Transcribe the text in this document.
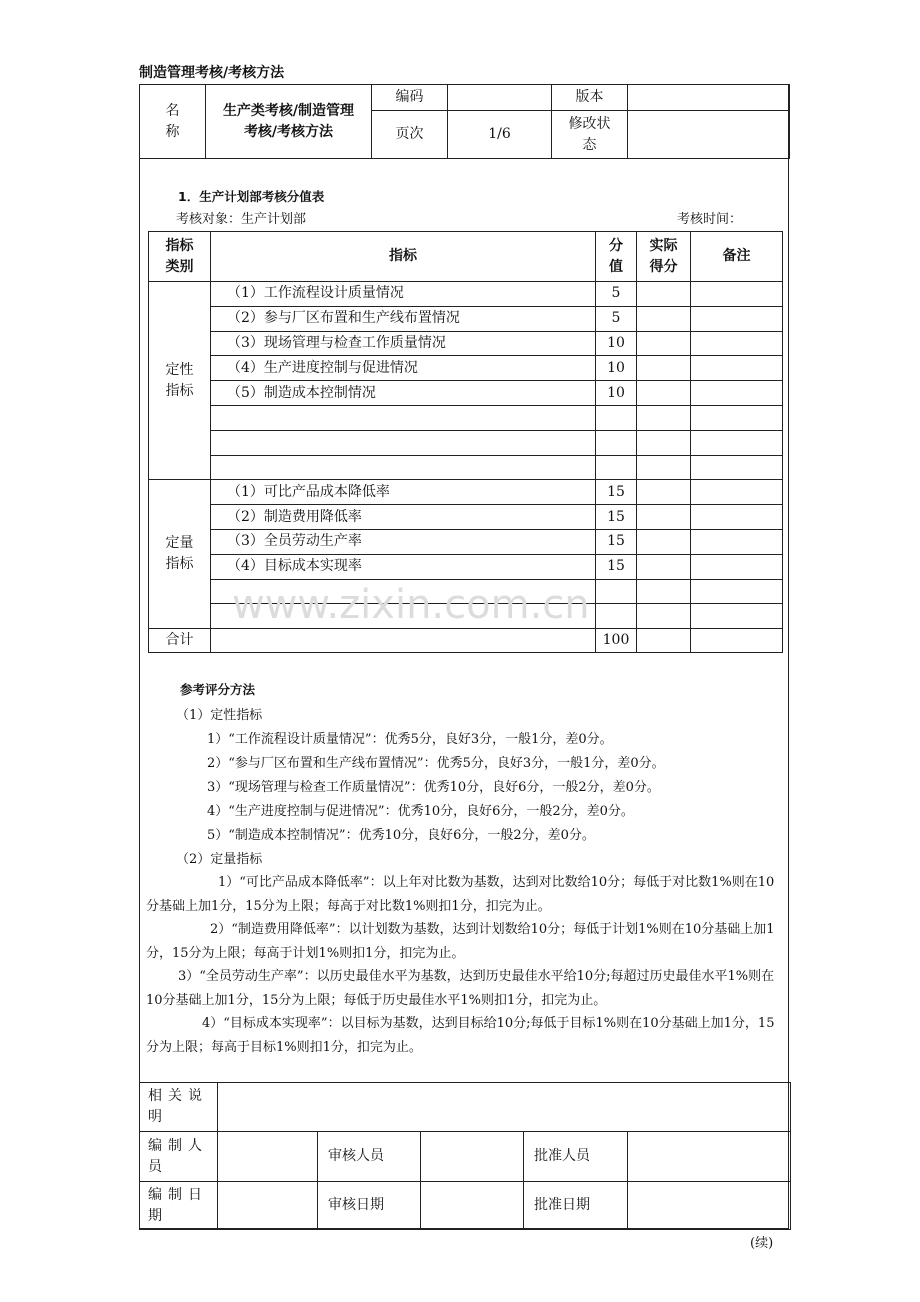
制造管理考核/考核方法
名称	生产类考核/制造管理考核/考核方法	编码		版本	
		页次	1/6	修改状态	
1．生产计划部考核分值表
考核对象：生产计划部	考核时间：
指标类别	指标	分值	实际得分	备注
定性指标	（1）工作流程设计质量情况	5		
	（2）参与厂区布置和生产线布置情况	5		
	（3）现场管理与检查工作质量情况	10		
	（4）生产进度控制与促进情况	10		
	（5）制造成本控制情况	10		

定量指标	（1）可比产品成本降低率	15		
	（2）制造费用降低率	15		
	（3）全员劳动生产率	15		
	（4）目标成本实现率	15		

合计		100		
www.zixin.com.cn
参考评分方法
（1）定性指标
1）“工作流程设计质量情况”：优秀5分，良好3分，一般1分，差0分。
2）“参与厂区布置和生产线布置情况”：优秀5分，良好3分，一般1分，差0分。
3）“现场管理与检查工作质量情况”：优秀10分，良好6分，一般2分，差0分。
4）“生产进度控制与促进情况”：优秀10分，良好6分，一般2分，差0分。
5）“制造成本控制情况”：优秀10分，良好6分，一般2分，差0分。
（2）定量指标
1）“可比产品成本降低率”：以上年对比数为基数，达到对比数给10分；每低于对比数1%则在10分基础上加1分，15分为上限；每高于对比数1%则扣1分，扣完为止。
2）“制造费用降低率”：以计划数为基数，达到计划数给10分；每低于计划1%则在10分基础上加1分，15分为上限；每高于计划1%则扣1分，扣完为止。
3）“全员劳动生产率”：以历史最佳水平为基数，达到历史最佳水平给10分;每超过历史最佳水平1%则在10分基础上加1分，15分为上限；每低于历史最佳水平1%则扣1分，扣完为止。
4）“目标成本实现率”：以目标为基数，达到目标给10分;每低于目标1%则在10分基础上加1分，15分为上限；每高于目标1%则扣1分，扣完为止。
相关说明					
编制人员		审核人员		批准人员	
编制日期		审核日期		批准日期	
(续)
